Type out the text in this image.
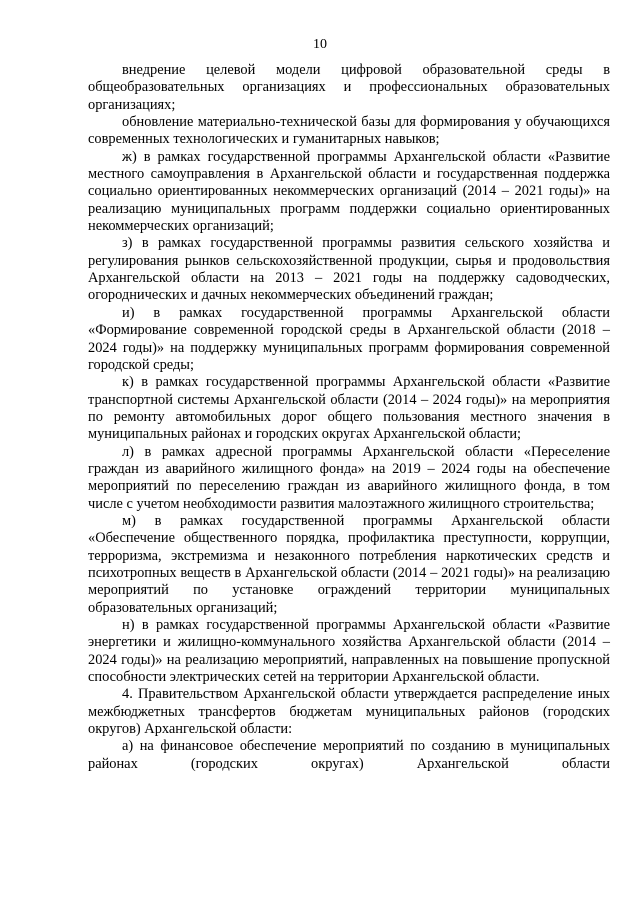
10

внедрение целевой модели цифровой образовательной среды в общеобразовательных организациях и профессиональных образовательных организациях;

обновление материально-технической базы для формирования у обучающихся современных технологических и гуманитарных навыков;

ж) в рамках государственной программы Архангельской области «Развитие местного самоуправления в Архангельской области и государственная поддержка социально ориентированных некоммерческих организаций (2014 – 2021 годы)» на реализацию муниципальных программ поддержки социально ориентированных некоммерческих организаций;

з) в рамках государственной программы развития сельского хозяйства и регулирования рынков сельскохозяйственной продукции, сырья и продовольствия Архангельской области на 2013 – 2021 годы на поддержку садоводческих, огороднических и дачных некоммерческих объединений граждан;

и) в рамках государственной программы Архангельской области «Формирование современной городской среды в Архангельской области (2018 – 2024 годы)» на поддержку муниципальных программ формирования современной городской среды;

к) в рамках государственной программы Архангельской области «Развитие транспортной системы Архангельской области (2014 – 2024 годы)» на мероприятия по ремонту автомобильных дорог общего пользования местного значения в муниципальных районах и городских округах Архангельской области;

л) в рамках адресной программы Архангельской области «Переселение граждан из аварийного жилищного фонда» на 2019 – 2024 годы на обеспечение мероприятий по переселению граждан из аварийного жилищного фонда, в том числе с учетом необходимости развития малоэтажного жилищного строительства;

м) в рамках государственной программы Архангельской области «Обеспечение общественного порядка, профилактика преступности, коррупции, терроризма, экстремизма и незаконного потребления наркотических средств и психотропных веществ в Архангельской области (2014 – 2021 годы)» на реализацию мероприятий по установке ограждений территории муниципальных образовательных организаций;

н) в рамках государственной программы Архангельской области «Развитие энергетики и жилищно-коммунального хозяйства Архангельской области (2014 – 2024 годы)» на реализацию мероприятий, направленных на повышение пропускной способности электрических сетей на территории Архангельской области.

4. Правительством Архангельской области утверждается распределение иных межбюджетных трансфертов бюджетам муниципальных районов (городских округов) Архангельской области:

а) на финансовое обеспечение мероприятий по созданию в муниципальных районах (городских округах) Архангельской области
